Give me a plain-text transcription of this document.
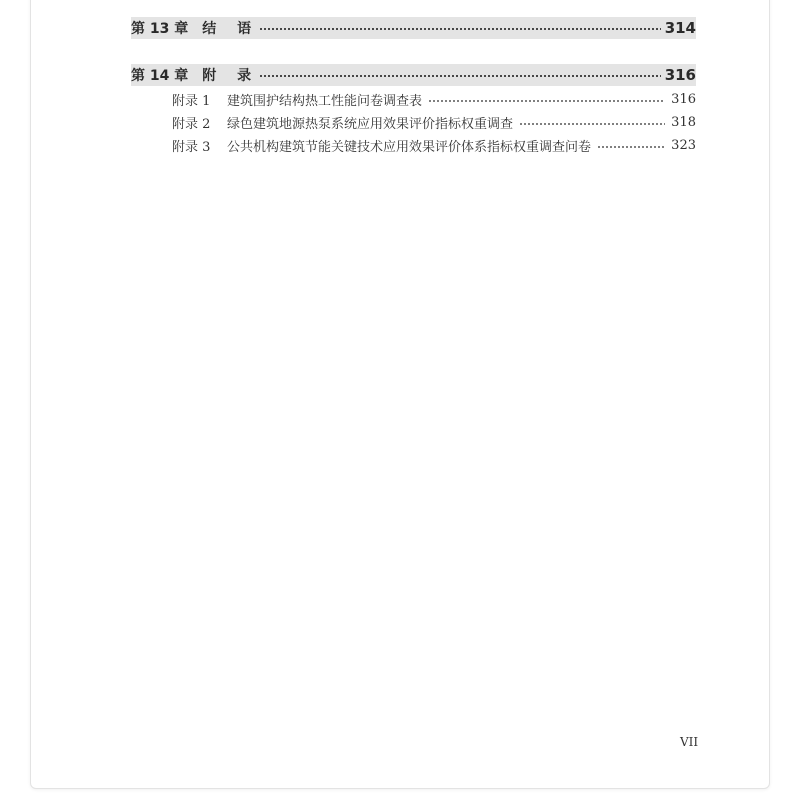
第 13 章 结 语	314
第 14 章 附 录	316
附录 1	建筑围护结构热工性能问卷调查表	316
附录 2	绿色建筑地源热泵系统应用效果评价指标权重调查	318
附录 3	公共机构建筑节能关键技术应用效果评价体系指标权重调查问卷	323
VII
